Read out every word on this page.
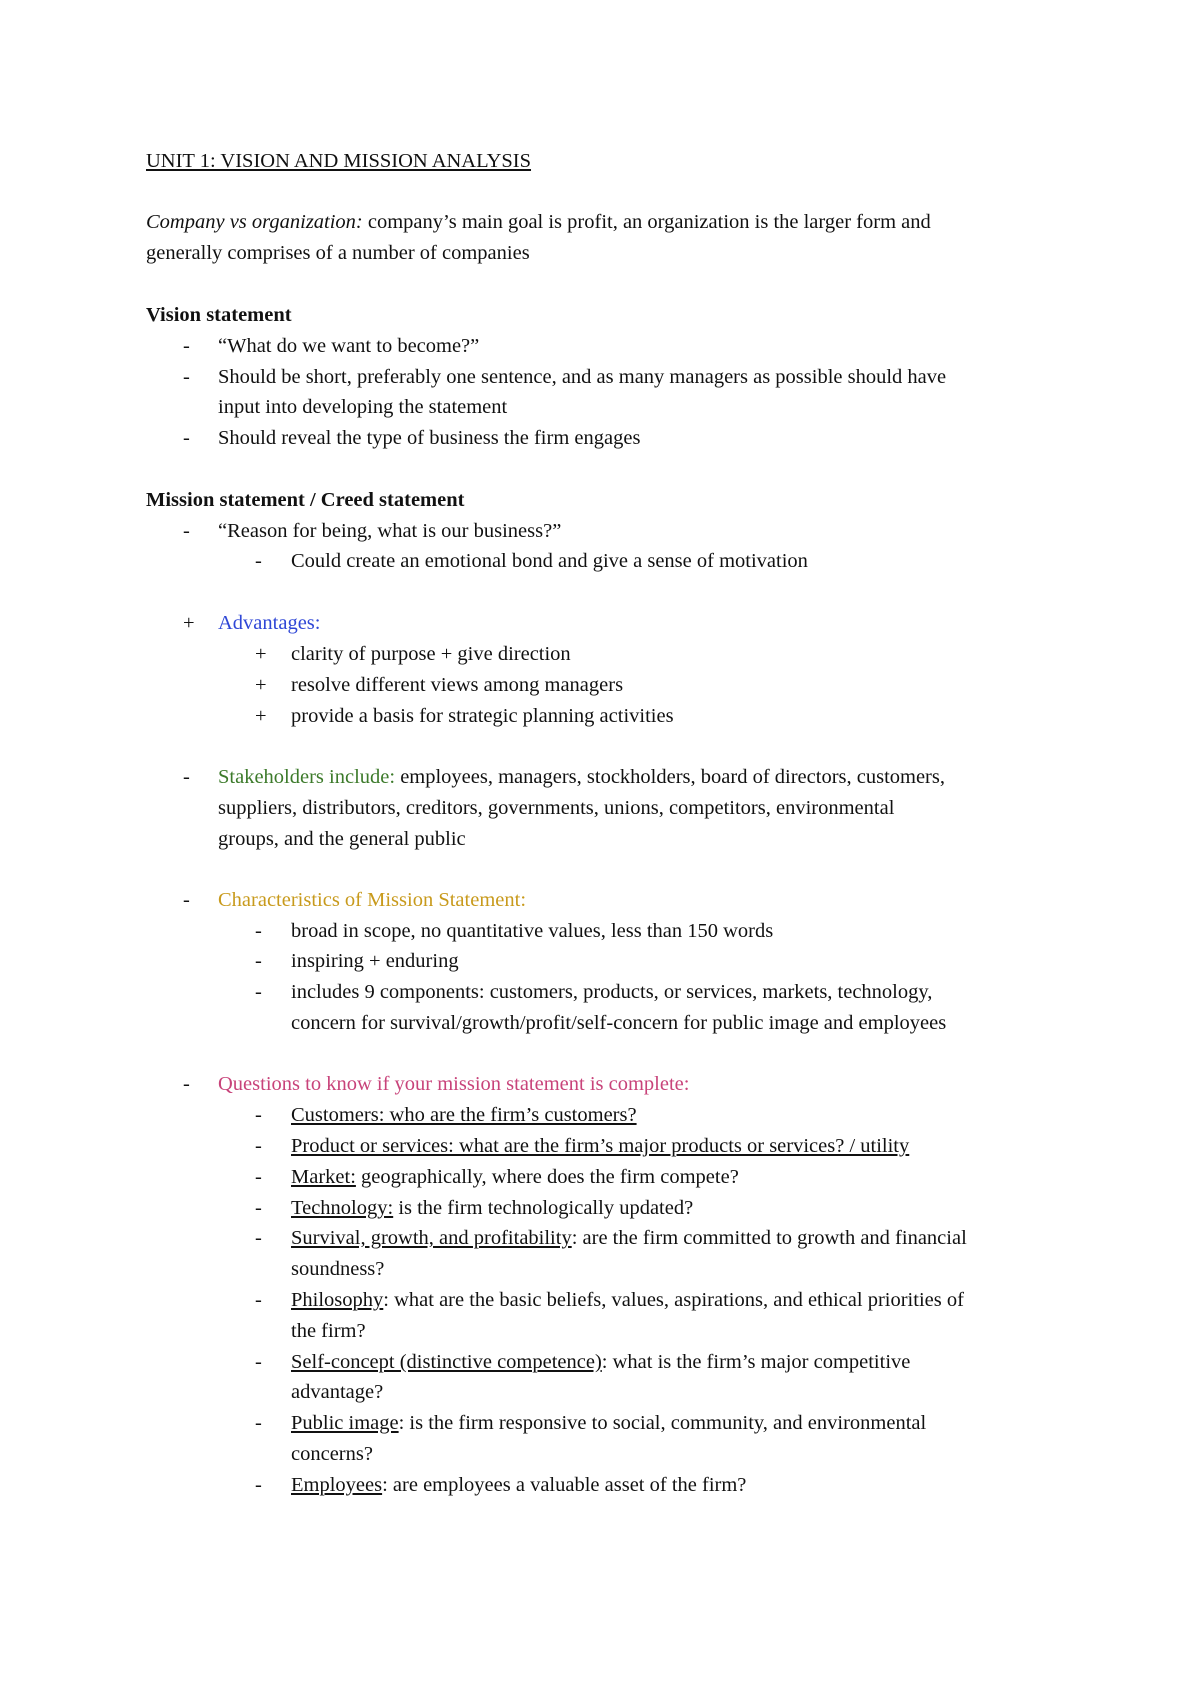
UNIT 1: VISION AND MISSION ANALYSIS
Company vs organization: company’s main goal is profit, an organization is the larger form and
generally comprises of a number of companies
Vision statement
- “What do we want to become?”
- Should be short, preferably one sentence, and as many managers as possible should have
input into developing the statement
- Should reveal the type of business the firm engages
Mission statement / Creed statement
- “Reason for being, what is our business?”
- Could create an emotional bond and give a sense of motivation
+ Advantages:
+ clarity of purpose + give direction
+ resolve different views among managers
+ provide a basis for strategic planning activities
- Stakeholders include: employees, managers, stockholders, board of directors, customers,
suppliers, distributors, creditors, governments, unions, competitors, environmental
groups, and the general public
- Characteristics of Mission Statement:
- broad in scope, no quantitative values, less than 150 words
- inspiring + enduring
- includes 9 components: customers, products, or services, markets, technology,
concern for survival/growth/profit/self-concern for public image and employees
- Questions to know if your mission statement is complete:
- Customers: who are the firm’s customers?
- Product or services: what are the firm’s major products or services? / utility
- Market: geographically, where does the firm compete?
- Technology: is the firm technologically updated?
- Survival, growth, and profitability: are the firm committed to growth and financial
soundness?
- Philosophy: what are the basic beliefs, values, aspirations, and ethical priorities of
the firm?
- Self-concept (distinctive competence): what is the firm’s major competitive
advantage?
- Public image: is the firm responsive to social, community, and environmental
concerns?
- Employees: are employees a valuable asset of the firm?
